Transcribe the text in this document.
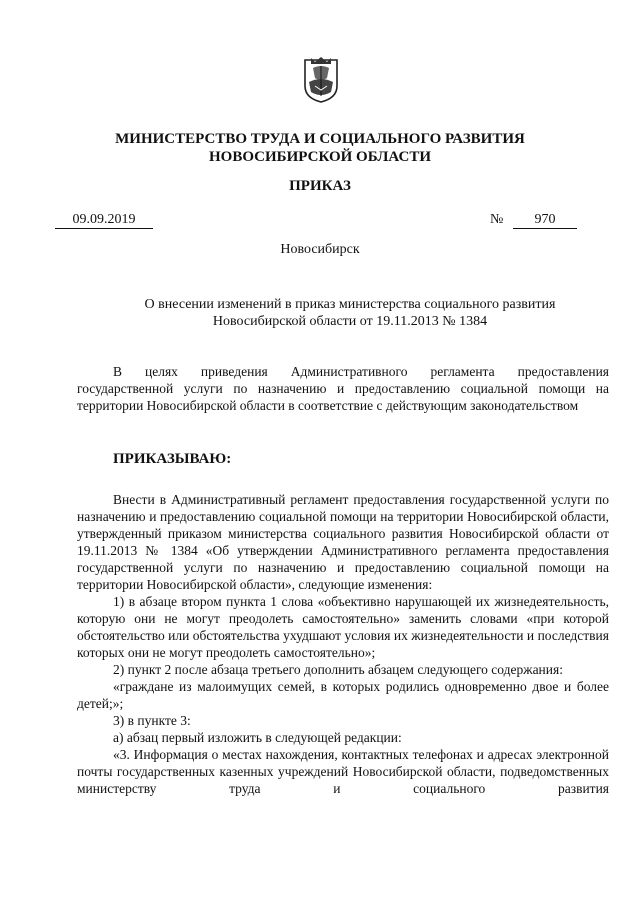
МИНИСТЕРСТВО ТРУДА И СОЦИАЛЬНОГО РАЗВИТИЯ
НОВОСИБИРСКОЙ ОБЛАСТИ
ПРИКАЗ
09.09.2019	№	970
Новосибирск
О внесении изменений в приказ министерства социального развития
Новосибирской области от 19.11.2013 № 1384

В целях приведения Административного регламента предоставления государственной услуги по назначению и предоставлению социальной помощи на территории Новосибирской области в соответствие с действующим законодательством

ПРИКАЗЫВАЮ:

Внести в Административный регламент предоставления государственной услуги по назначению и предоставлению социальной помощи на территории Новосибирской области, утвержденный приказом министерства социального развития Новосибирской области от 19.11.2013 № 1384 «Об утверждении Административного регламента предоставления государственной услуги по назначению и предоставлению социальной помощи на территории Новосибирской области», следующие изменения:

1) в абзаце втором пункта 1 слова «объективно нарушающей их жизнедеятельность, которую они не могут преодолеть самостоятельно» заменить словами «при которой обстоятельство или обстоятельства ухудшают условия их жизнедеятельности и последствия которых они не могут преодолеть самостоятельно»;

2) пункт 2 после абзаца третьего дополнить абзацем следующего содержания:

«граждане из малоимущих семей, в которых родились одновременно двое и более детей;»;

3) в пункте 3:

а) абзац первый изложить в следующей редакции:

«3. Информация о местах нахождения, контактных телефонах и адресах электронной почты государственных казенных учреждений Новосибирской области, подведомственных министерству труда и социального развития
